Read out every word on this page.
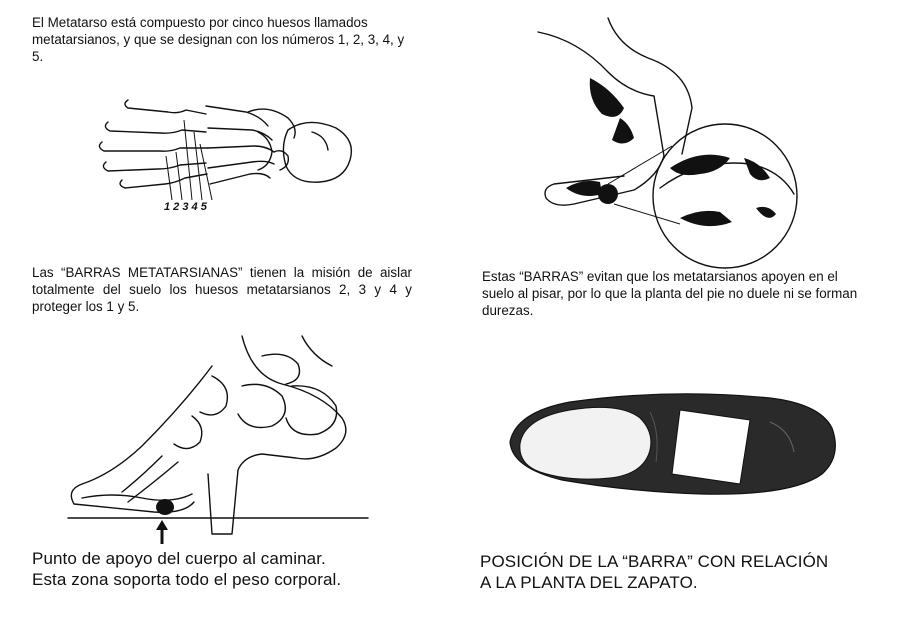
El Metatarso está compuesto por cinco huesos llamados metatarsianos, y que se designan con los números 1, 2, 3, 4, y 5.
1 2 3 4 5
Las “BARRAS METATARSIANAS” tienen la misión de aislar totalmente del suelo los huesos metatarsianos 2, 3 y 4 y proteger los 1 y 5.
Estas “BARRAS” evitan que los metatarsianos apoyen en el suelo al pisar, por lo que la planta del pie no duele ni se forman durezas.
Punto de apoyo del cuerpo al caminar.
Esta zona soporta todo el peso corporal.
POSICIÓN DE LA “BARRA” CON RELACIÓN
A LA PLANTA DEL ZAPATO.
